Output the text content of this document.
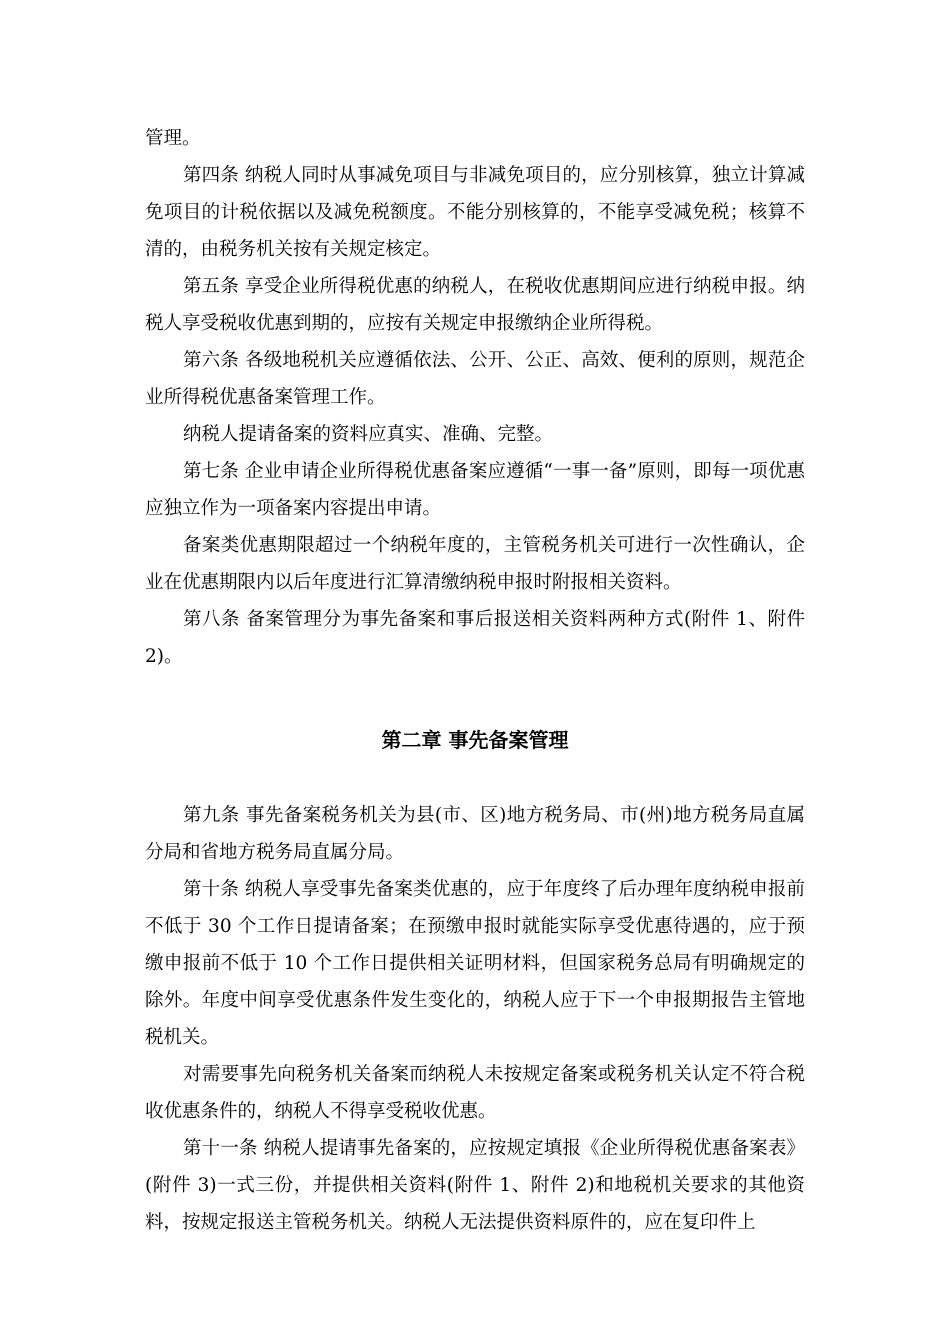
管理。

第四条 纳税人同时从事减免项目与非减免项目的，应分别核算，独立计算减免项目的计税依据以及减免税额度。不能分别核算的，不能享受减免税；核算不清的，由税务机关按有关规定核定。

第五条 享受企业所得税优惠的纳税人，在税收优惠期间应进行纳税申报。纳税人享受税收优惠到期的，应按有关规定申报缴纳企业所得税。

第六条 各级地税机关应遵循依法、公开、公正、高效、便利的原则，规范企业所得税优惠备案管理工作。

纳税人提请备案的资料应真实、准确、完整。

第七条 企业申请企业所得税优惠备案应遵循“一事一备”原则，即每一项优惠应独立作为一项备案内容提出申请。

备案类优惠期限超过一个纳税年度的，主管税务机关可进行一次性确认，企业在优惠期限内以后年度进行汇算清缴纳税申报时附报相关资料。

第八条 备案管理分为事先备案和事后报送相关资料两种方式(附件 1、附件 2)。

第二章 事先备案管理

第九条 事先备案税务机关为县(市、区)地方税务局、市(州)地方税务局直属分局和省地方税务局直属分局。

第十条 纳税人享受事先备案类优惠的，应于年度终了后办理年度纳税申报前不低于 30 个工作日提请备案；在预缴申报时就能实际享受优惠待遇的，应于预缴申报前不低于 10 个工作日提供相关证明材料，但国家税务总局有明确规定的除外。年度中间享受优惠条件发生变化的，纳税人应于下一个申报期报告主管地税机关。

对需要事先向税务机关备案而纳税人未按规定备案或税务机关认定不符合税收优惠条件的，纳税人不得享受税收优惠。

第十一条 纳税人提请事先备案的，应按规定填报《企业所得税优惠备案表》(附件 3)一式三份，并提供相关资料(附件 1、附件 2)和地税机关要求的其他资料，按规定报送主管税务机关。纳税人无法提供资料原件的，应在复印件上
